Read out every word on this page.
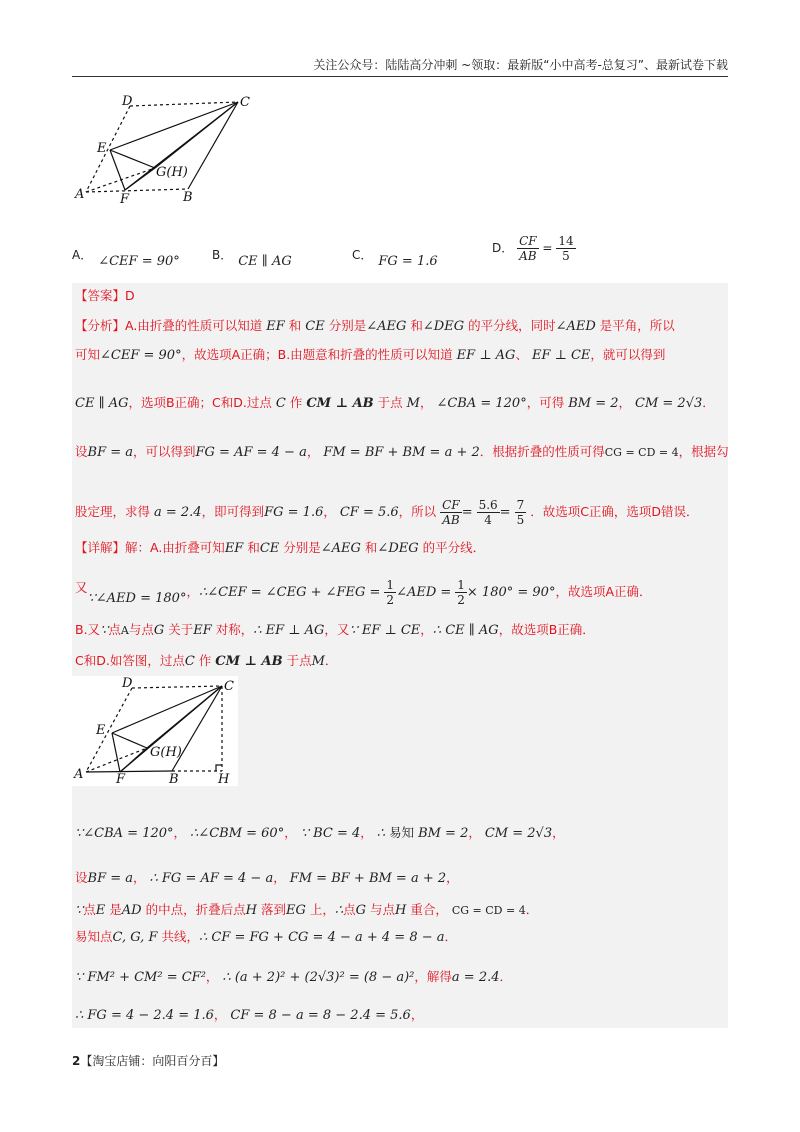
关注公众号：陆陆高分冲刺 ~领取：最新版“小中高考-总复习”、最新试卷下载
D	C
E
G(H)
A	F	B
A． ∠CEF = 90°	B． CE ∥ AG	C． FG = 1.6
D． $\frac{CF}{AB} = \frac{14}{5}$
【答案】D
【分析】A.由折叠的性质可以知道 EF 和 CE 分别是∠AEG 和∠DEG 的平分线，同时∠AED 是平角，所以
可知∠CEF = 90°，故选项A正确；B.由题意和折叠的性质可以知道 EF ⊥ AG、 EF ⊥ CE，就可以得到
CE ∥ AG，选项B正确；C和D.过点 C 作 CM ⊥ AB 于点 M， ∠CBA = 120°，可得 BM = 2， CM = 2√3．
设BF = a，可以得到FG = AF = 4 − a， FM = BF + BM = a + 2．根据折叠的性质可得CG = CD = 4，根据勾
股定理，求得 a = 2.4，即可得到FG = 1.6， CF = 5.6，所以 $\frac{CF}{AB} = \frac{5.6}{4} = \frac{7}{5}$ ．故选项C正确，选项D错误．
【详解】解：A.由折叠可知EF 和CE 分别是∠AEG 和∠DEG 的平分线．
又∵∠AED = 180°，∴∠CEF = ∠CEG + ∠FEG = $\frac{1}{2}$ ∠AED = $\frac{1}{2} \times 180^\circ = 90^\circ$，故选项A正确．
B.又∵点A与点G 关于EF 对称，∴ EF ⊥ AG，又∵ EF ⊥ CE，∴ CE ∥ AG，故选项B正确．
C和D.如答图，过点C 作 CM ⊥ AB 于点M．
D	C
E
G(H)
A	F	B	H
∵∠CBA = 120°， ∴∠CBM = 60°， ∵ BC = 4， ∴ 易知 BM = 2， CM = 2√3，
设BF = a， ∴ FG = AF = 4 − a， FM = BF + BM = a + 2，
∵点E 是AD 的中点，折叠后点H 落到EG 上，∴点G 与点H 重合， CG = CD = 4．
易知点C, G, F 共线，∴ CF = FG + CG = 4 − a + 4 = 8 − a．
∵ FM² + CM² = CF²， ∴ (a + 2)² + (2√3)² = (8 − a)²，解得a = 2.4．
∴ FG = 4 − 2.4 = 1.6， CF = 8 − a = 8 − 2.4 = 5.6，
2【淘宝店铺：向阳百分百】
